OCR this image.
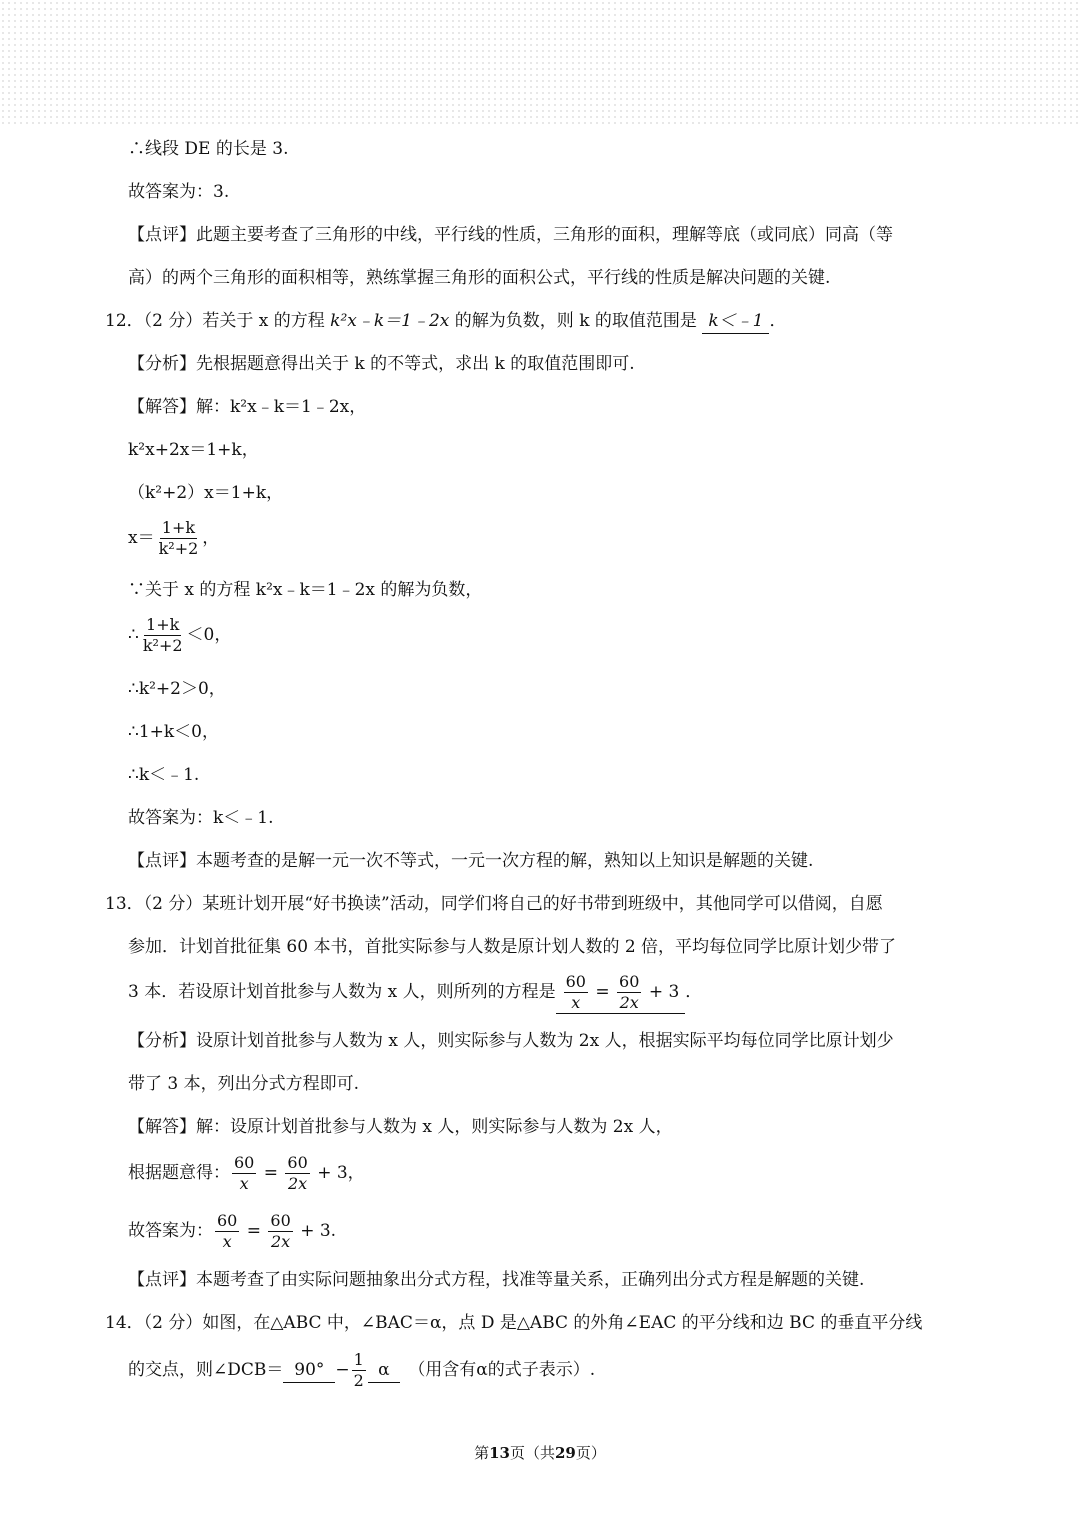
∴线段 DE 的长是 3.
故答案为：3.
【点评】此题主要考查了三角形的中线，平行线的性质，三角形的面积，理解等底（或同底）同高（等
高）的两个三角形的面积相等，熟练掌握三角形的面积公式，平行线的性质是解决问题的关键.
12．（2 分）若关于 x 的方程 k²x﹣k＝1﹣2x 的解为负数，则 k 的取值范围是 k＜﹣1 ．
【分析】先根据题意得出关于 k 的不等式，求出 k 的取值范围即可.
【解答】解：k²x﹣k＝1﹣2x，
k²x+2x＝1+k，
（k²+2）x＝1+k，
$x= \frac{1+k}{\text{k²+2}}$ ，
∵关于 x 的方程 k²x﹣k＝1﹣2x 的解为负数，
∴ $\frac{1+k}{\text{k²+2}} <0$，
∴k²+2＞0，
∴1+k＜0，
∴k＜﹣1.
故答案为：k＜﹣1.
【点评】本题考查的是解一元一次不等式，一元一次方程的解，熟知以上知识是解题的关键.
13．（2 分）某班计划开展“好书换读”活动，同学们将自己的好书带到班级中，其他同学可以借阅，自愿
参加．计划首批征集 60 本书，首批实际参与人数是原计划人数的 2 倍，平均每位同学比原计划少带了
3 本．若设原计划首批参与人数为 x 人，则所列的方程是 $\frac{60}{x} = \frac{60}{2x} + 3$ ．
【分析】设原计划首批参与人数为 x 人，则实际参与人数为 2x 人，根据实际平均每位同学比原计划少
带了 3 本，列出分式方程即可.
【解答】解：设原计划首批参与人数为 x 人，则实际参与人数为 2x 人，
根据题意得： $\frac{60}{x} = \frac{60}{2x} + 3$，
故答案为： $\frac{60}{x} = \frac{60}{2x} + 3$.
【点评】本题考查了由实际问题抽象出分式方程，找准等量关系，正确列出分式方程是解题的关键.
14．（2 分）如图，在△ABC 中，∠BAC＝α，点 D 是△ABC 的外角∠EAC 的平分线和边 BC 的垂直平分线
的交点，则∠DCB＝ $90^\circ - \frac{1}{2}$ α　 （用含有α的式子表示）.
第13页（共29页）
